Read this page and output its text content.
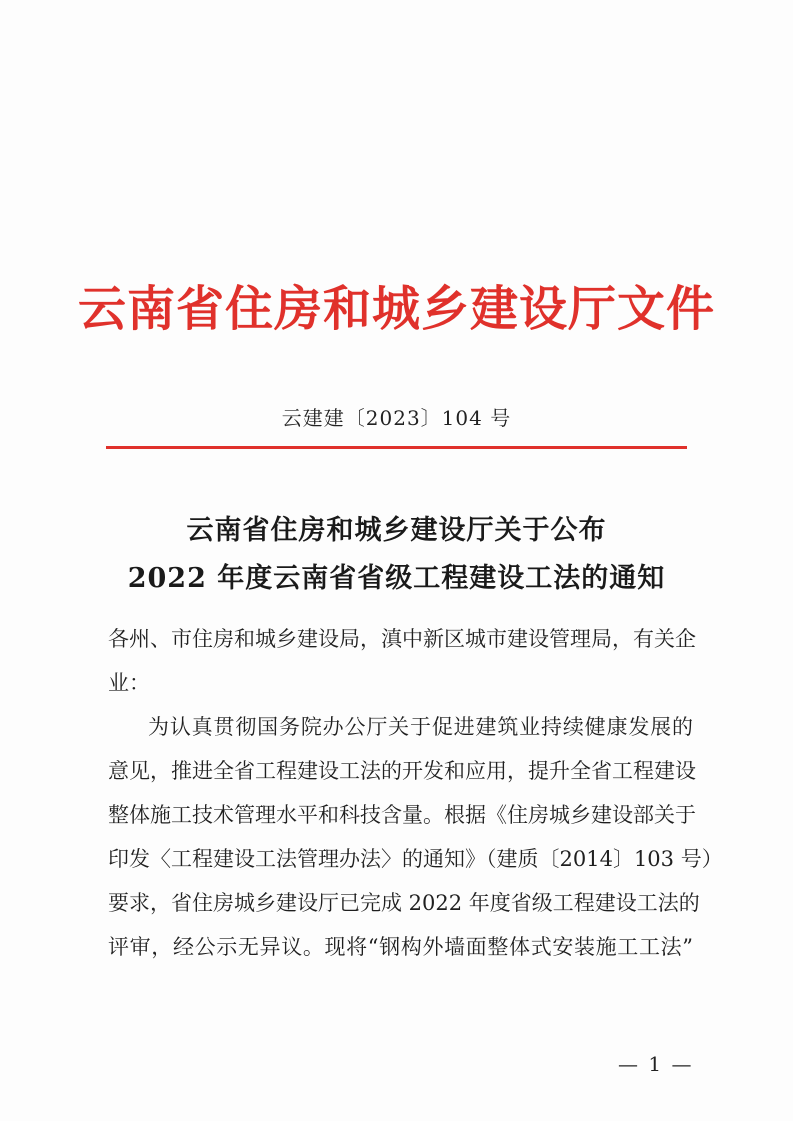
云南省住房和城乡建设厅文件
云建建〔2023〕104 号
云南省住房和城乡建设厅关于公布
2022 年度云南省省级工程建设工法的通知
各州、市住房和城乡建设局，滇中新区城市建设管理局，有关企
业：
为认真贯彻国务院办公厅关于促进建筑业持续健康发展的
意见，推进全省工程建设工法的开发和应用，提升全省工程建设
整体施工技术管理水平和科技含量。根据《住房城乡建设部关于
印发〈工程建设工法管理办法〉的通知》（建质〔2014〕103 号）
要求，省住房城乡建设厅已完成 2022 年度省级工程建设工法的
评审，经公示无异议。现将“钢构外墙面整体式安装施工工法”
— 1 —
